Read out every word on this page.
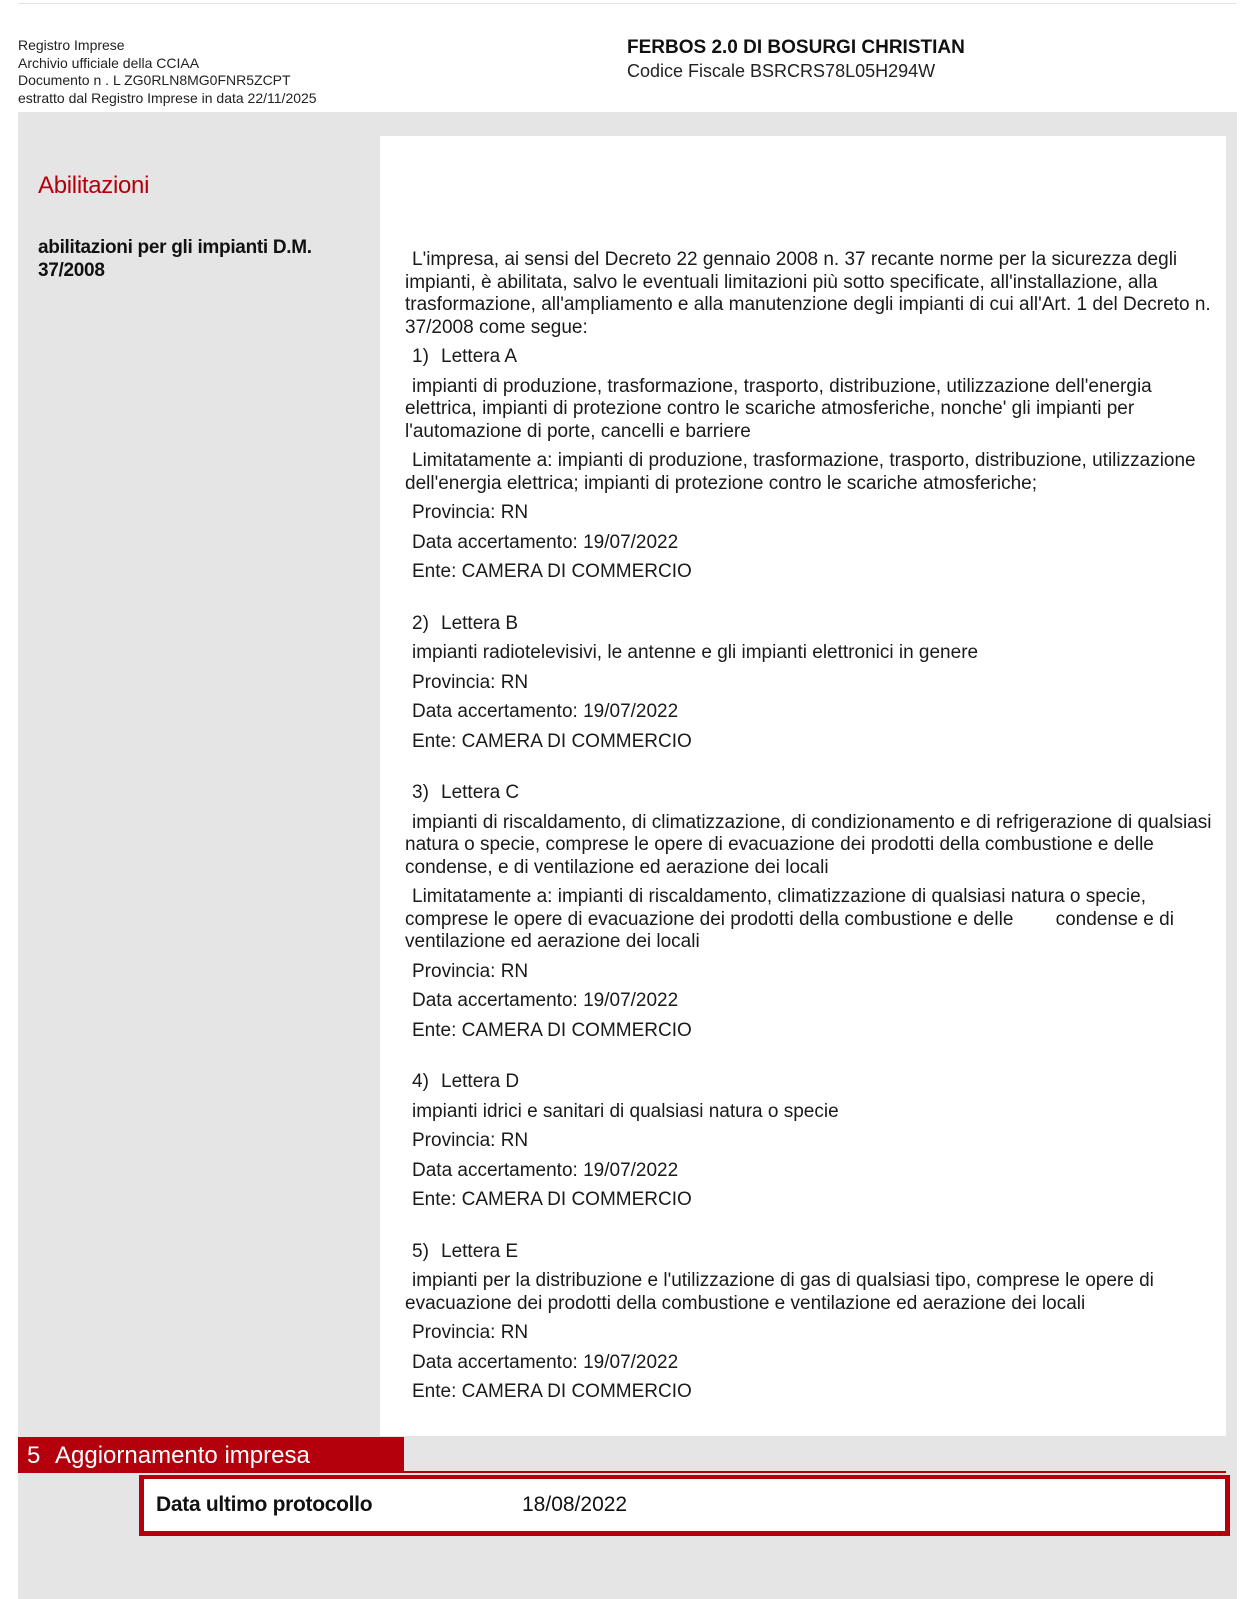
Registro Imprese
Archivio ufficiale della CCIAA
Documento n . L ZG0RLN8MG0FNR5ZCPT
estratto dal Registro Imprese in data 22/11/2025
FERBOS 2.0 DI BOSURGI CHRISTIAN
Codice Fiscale BSRCRS78L05H294W
Abilitazioni
abilitazioni per gli impianti D.M. 37/2008

L'impresa, ai sensi del Decreto 22 gennaio 2008 n. 37 recante norme per la sicurezza degli impianti, è abilitata, salvo le eventuali limitazioni più sotto specificate, all'installazione, alla trasformazione, all'ampliamento e alla manutenzione degli impianti di cui all'Art. 1 del Decreto n. 37/2008 come segue:

1) Lettera A

impianti di produzione, trasformazione, trasporto, distribuzione, utilizzazione dell'energia elettrica, impianti di protezione contro le scariche atmosferiche, nonche' gli impianti per l'automazione di porte, cancelli e barriere

Limitatamente a: impianti di produzione, trasformazione, trasporto, distribuzione, utilizzazione dell'energia elettrica; impianti di protezione contro le scariche atmosferiche;

Provincia: RN

Data accertamento: 19/07/2022

Ente: CAMERA DI COMMERCIO

2) Lettera B

impianti radiotelevisivi, le antenne e gli impianti elettronici in genere

Provincia: RN

Data accertamento: 19/07/2022

Ente: CAMERA DI COMMERCIO

3) Lettera C

impianti di riscaldamento, di climatizzazione, di condizionamento e di refrigerazione di qualsiasi natura o specie, comprese le opere di evacuazione dei prodotti della combustione e delle condense, e di ventilazione ed aerazione dei locali

Limitatamente a: impianti di riscaldamento, climatizzazione di qualsiasi natura o specie, comprese le opere di evacuazione dei prodotti della combustione e delle        condense e di ventilazione ed aerazione dei locali

Provincia: RN

Data accertamento: 19/07/2022

Ente: CAMERA DI COMMERCIO

4) Lettera D

impianti idrici e sanitari di qualsiasi natura o specie

Provincia: RN

Data accertamento: 19/07/2022

Ente: CAMERA DI COMMERCIO

5) Lettera E

impianti per la distribuzione e l'utilizzazione di gas di qualsiasi tipo, comprese le opere di evacuazione dei prodotti della combustione e ventilazione ed aerazione dei locali

Provincia: RN

Data accertamento: 19/07/2022

Ente: CAMERA DI COMMERCIO

5 Aggiornamento impresa
Data ultimo protocollo	18/08/2022
